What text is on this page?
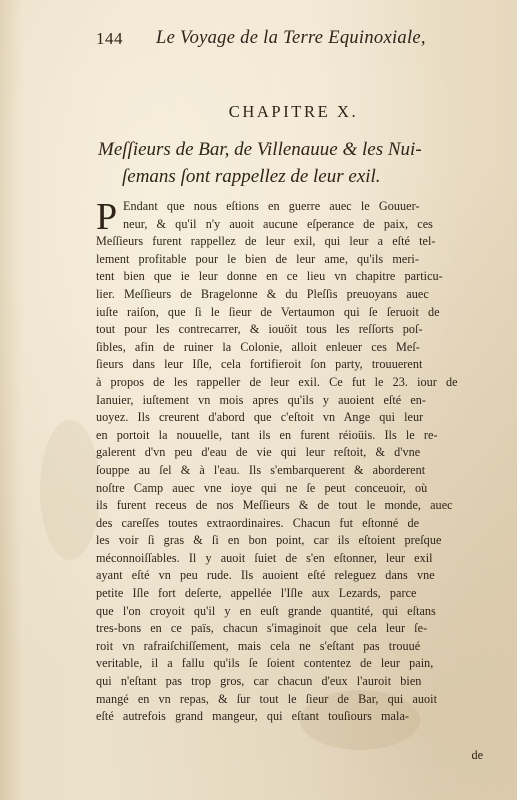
144 Le Voyage de la Terre Equinoxiale,
CHAPITRE X.
Meſſieurs de Bar, de Villenauue & les Nui-
ſemans ſont rappellez de leur exil.
P Endant que nous eſtions en guerre auec le Gouuer-
neur, & qu'il n'y auoit aucune eſperance de paix, ces
Meſſieurs furent rappellez de leur exil, qui leur a eſté tel-
lement profitable pour le bien de leur ame, qu'ils meri-
tent bien que ie leur donne en ce lieu vn chapitre particu-
lier. Meſſieurs de Bragelonne & du Pleſſis preuoyans auec
iuſte raiſon, que ſi le ſieur de Vertaumon qui ſe ſeruoit de
tout pour les contrecarrer, & iouöit tous les reſſorts poſ-
ſibles, afin de ruiner la Colonie, alloit enleuer ces Meſ-
ſieurs dans leur Iſle, cela fortifieroit ſon party, trouuerent
à propos de les rappeller de leur exil. Ce fut le 23. iour de
Ianuier, iuſtement vn mois apres qu'ils y auoient eſté en-
uoyez. Ils creurent d'abord que c'eſtoit vn Ange qui leur
en portoit la nouuelle, tant ils en furent réioüis. Ils le re-
galerent d'vn peu d'eau de vie qui leur reſtoit, & d'vne
ſouppe au ſel & à l'eau. Ils s'embarquerent & aborderent
noſtre Camp auec vne ioye qui ne ſe peut conceuoir, où
ils furent receus de nos Meſſieurs & de tout le monde, auec
des careſſes toutes extraordinaires. Chacun fut eſtonné de
les voir ſi gras & ſi en bon point, car ils eſtoient preſque
méconnoiſſables. Il y auoit ſuiet de s'en eſtonner, leur exil
ayant eſté vn peu rude. Ils auoient eſté releguez dans vne
petite Iſle fort deſerte, appellée l'Iſle aux Lezards, parce
que l'on croyoit qu'il y en euſt grande quantité, qui eſtans
tres-bons en ce païs, chacun s'imaginoit que cela leur ſe-
roit vn rafraiſchiſſement, mais cela ne s'eſtant pas trouué
veritable, il a fallu qu'ils ſe ſoient contentez de leur pain,
qui n'eſtant pas trop gros, car chacun d'eux l'auroit bien
mangé en vn repas, & ſur tout le ſieur de Bar, qui auoit
eſté autrefois grand mangeur, qui eſtant touſiours mala-
de
